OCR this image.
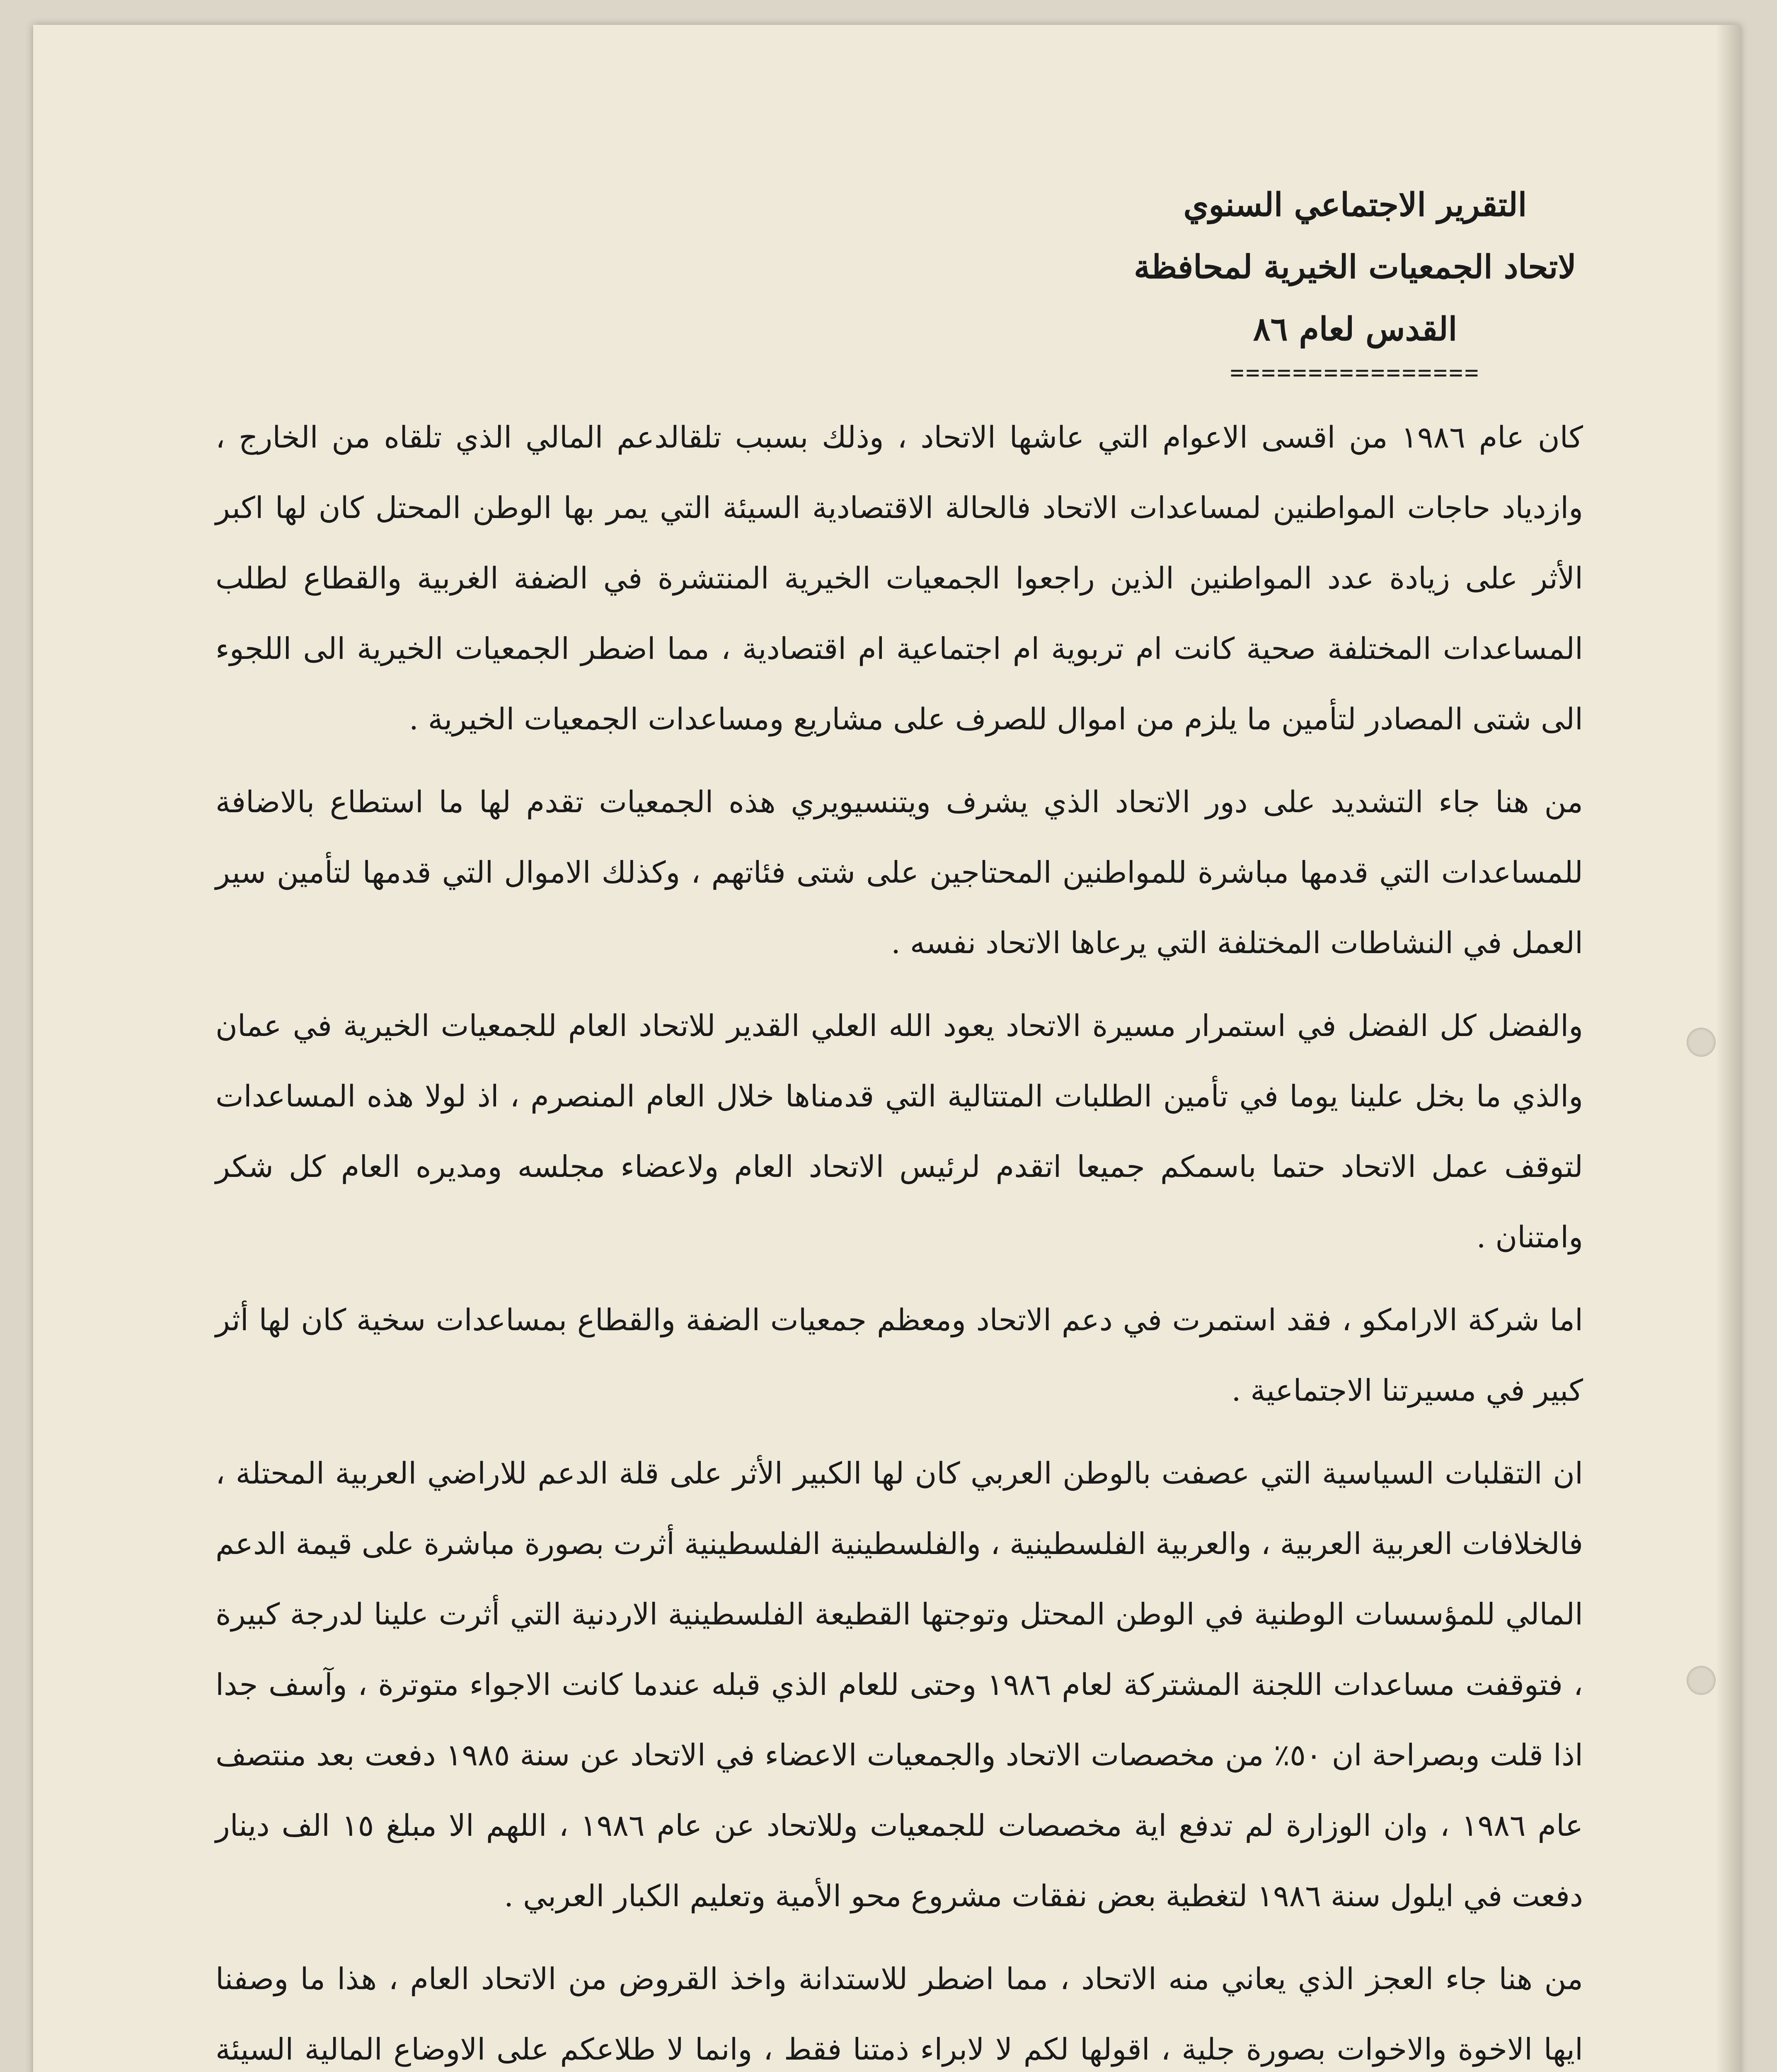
التقرير الاجتماعي السنوي
لاتحاد الجمعيات الخيرية لمحافظة
القدس لعام ٨٦
================

كان عام ١٩٨٦ من اقسى الاعوام التي عاشها الاتحاد ، وذلك بسبب تلقالدعم المالي الذي تلقاه من الخارج ، وازدياد حاجات المواطنين لمساعدات الاتحاد فالحالة الاقتصادية السيئة التي يمر بها الوطن المحتل كان لها اكبر الأثر على زيادة عدد المواطنين الذين راجعوا الجمعيات الخيرية المنتشرة في الضفة الغربية والقطاع لطلب المساعدات المختلفة صحية كانت ام تربوية ام اجتماعية ام اقتصادية ، مما اضطر الجمعيات الخيرية الى اللجوء الى شتى المصادر لتأمين ما يلزم من اموال للصرف على مشاريع ومساعدات الجمعيات الخيرية .

من هنا جاء التشديد على دور الاتحاد الذي يشرف ويتنسيويري هذه الجمعيات تقدم لها ما استطاع بالاضافة للمساعدات التي قدمها مباشرة للمواطنين المحتاجين على شتى فئاتهم ، وكذلك الاموال التي قدمها لتأمين سير العمل في النشاطات المختلفة التي يرعاها الاتحاد نفسه .

والفضل كل الفضل في استمرار مسيرة الاتحاد يعود الله العلي القدير للاتحاد العام للجمعيات الخيرية في عمان والذي ما بخل علينا يوما في تأمين الطلبات المتتالية التي قدمناها خلال العام المنصرم ، اذ لولا هذه المساعدات لتوقف عمل الاتحاد حتما باسمكم جميعا اتقدم لرئيس الاتحاد العام ولاعضاء مجلسه ومديره العام كل شكر وامتنان .

اما شركة الارامكو ، فقد استمرت في دعم الاتحاد ومعظم جمعيات الضفة والقطاع بمساعدات سخية كان لها أثر كبير في مسيرتنا الاجتماعية .

ان التقلبات السياسية التي عصفت بالوطن العربي كان لها الكبير الأثر على قلة الدعم للاراضي العربية المحتلة ، فالخلافات العربية العربية ، والعربية الفلسطينية ، والفلسطينية الفلسطينية أثرت بصورة مباشرة على قيمة الدعم المالي للمؤسسات الوطنية في الوطن المحتل وتوجتها القطيعة الفلسطينية الاردنية التي أثرت علينا لدرجة كبيرة ، فتوقفت مساعدات اللجنة المشتركة لعام ١٩٨٦ وحتى للعام الذي قبله عندما كانت الاجواء متوترة ، وآسف جدا اذا قلت وبصراحة ان ٥٠٪ من مخصصات الاتحاد والجمعيات الاعضاء في الاتحاد عن سنة ١٩٨٥ دفعت بعد منتصف عام ١٩٨٦ ، وان الوزارة لم تدفع اية مخصصات للجمعيات وللاتحاد عن عام ١٩٨٦ ، اللهم الا مبلغ ١٥ الف دينار دفعت في ايلول سنة ١٩٨٦ لتغطية بعض نفقات مشروع محو الأمية وتعليم الكبار العربي .

من هنا جاء العجز الذي يعاني منه الاتحاد ، مما اضطر للاستدانة واخذ القروض من الاتحاد العام ، هذا ما وصفنا ايها الاخوة والاخوات بصورة جلية ، اقولها لكم لا لابراء ذمتنا فقط ، وانما لا طلاعكم على الاوضاع المالية السيئة
